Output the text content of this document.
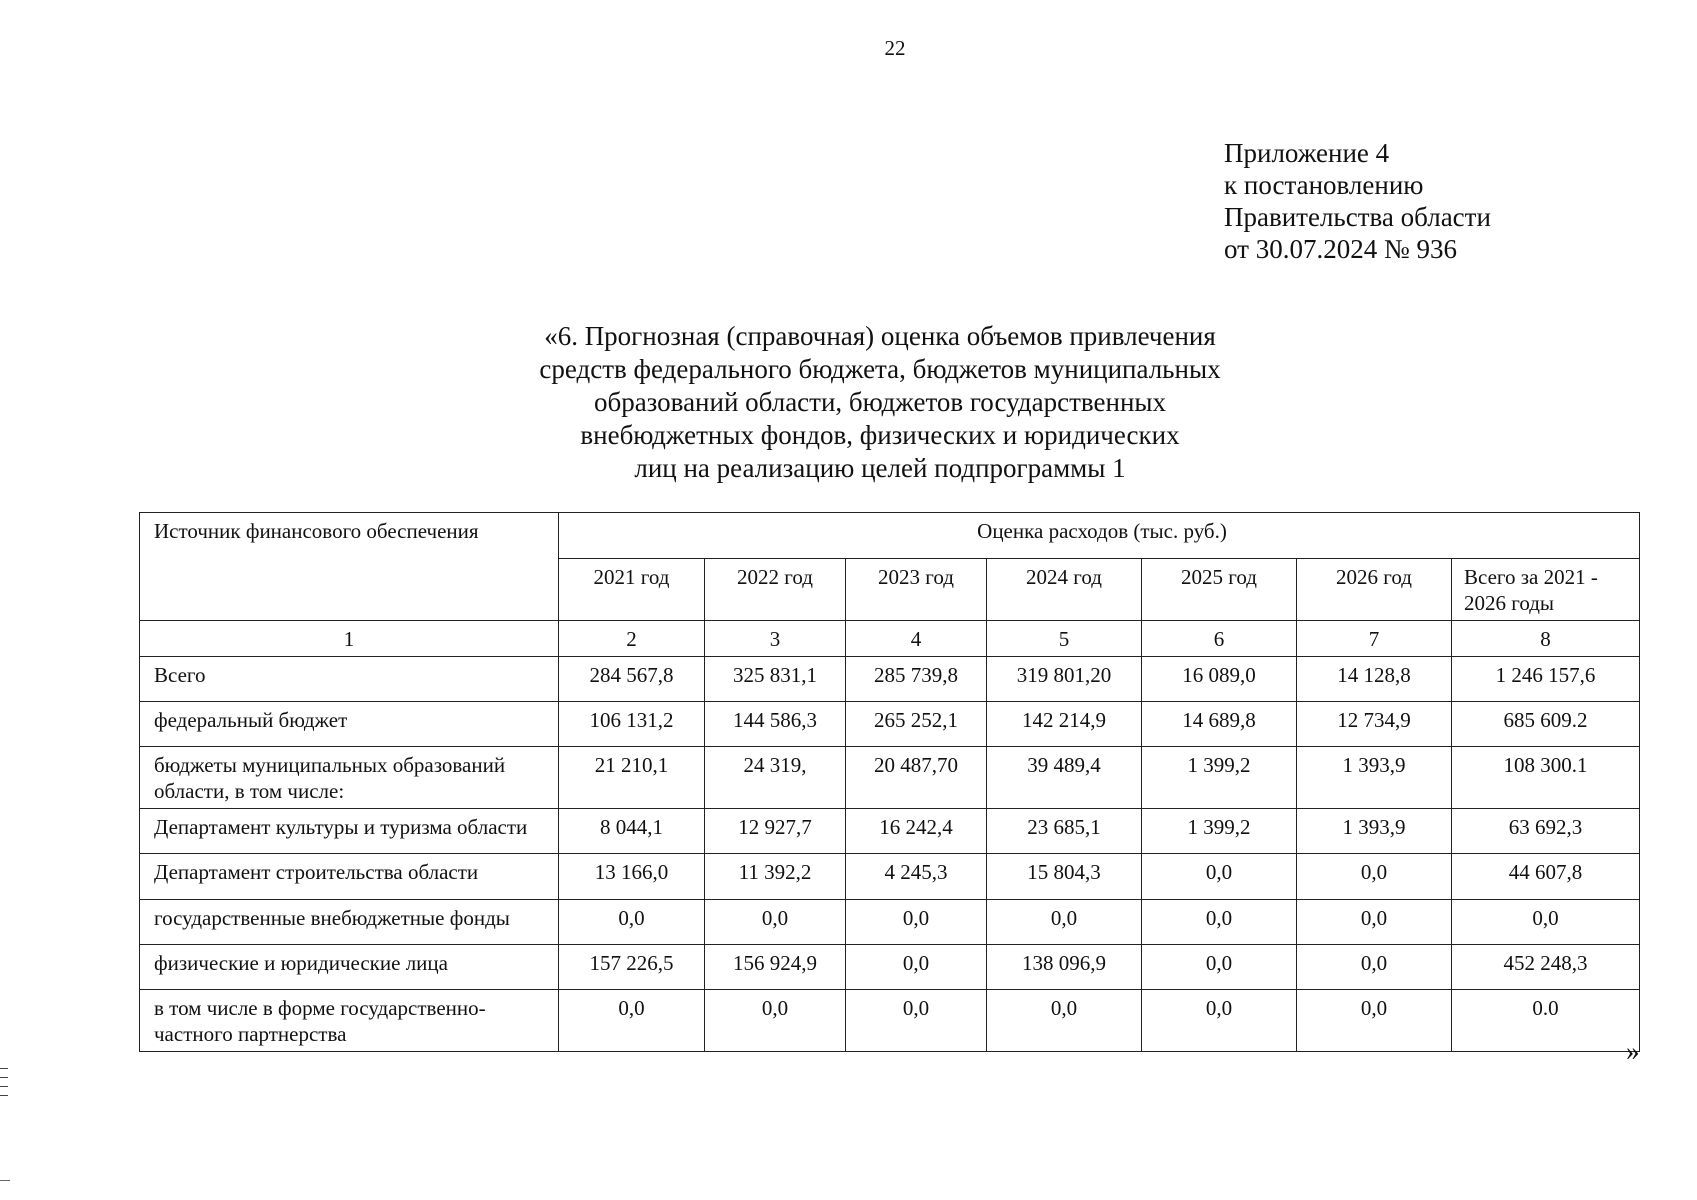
22
Приложение 4
к постановлению
Правительства области
от 30.07.2024 № 936
«6. Прогнозная (справочная) оценка объемов привлечения
средств федерального бюджета, бюджетов муниципальных
образований области, бюджетов государственных
внебюджетных фондов, физических и юридических
лиц на реализацию целей подпрограммы 1
Источник финансового обеспечения	Оценка расходов (тыс. руб.)						
	2021 год	2022 год	2023 год	2024 год	2025 год	2026 год	Всего за 2021 - 2026 годы
1	2	3	4	5	6	7	8
Всего	284 567,8	325 831,1	285 739,8	319 801,20	16 089,0	14 128,8	1 246 157,6
федеральный бюджет	106 131,2	144 586,3	265 252,1	142 214,9	14 689,8	12 734,9	685 609.2
бюджеты муниципальных образований области, в том числе:	21 210,1	24 319,	20 487,70	39 489,4	1 399,2	1 393,9	108 300.1
Департамент культуры и туризма области	8 044,1	12 927,7	16 242,4	23 685,1	1 399,2	1 393,9	63 692,3
Департамент строительства области	13 166,0	11 392,2	4 245,3	15 804,3	0,0	0,0	44 607,8
государственные внебюджетные фонды	0,0	0,0	0,0	0,0	0,0	0,0	0,0
физические и юридические лица	157 226,5	156 924,9	0,0	138 096,9	0,0	0,0	452 248,3
в том числе в форме государственно-частного партнерства	0,0	0,0	0,0	0,0	0,0	0,0	0.0
»
